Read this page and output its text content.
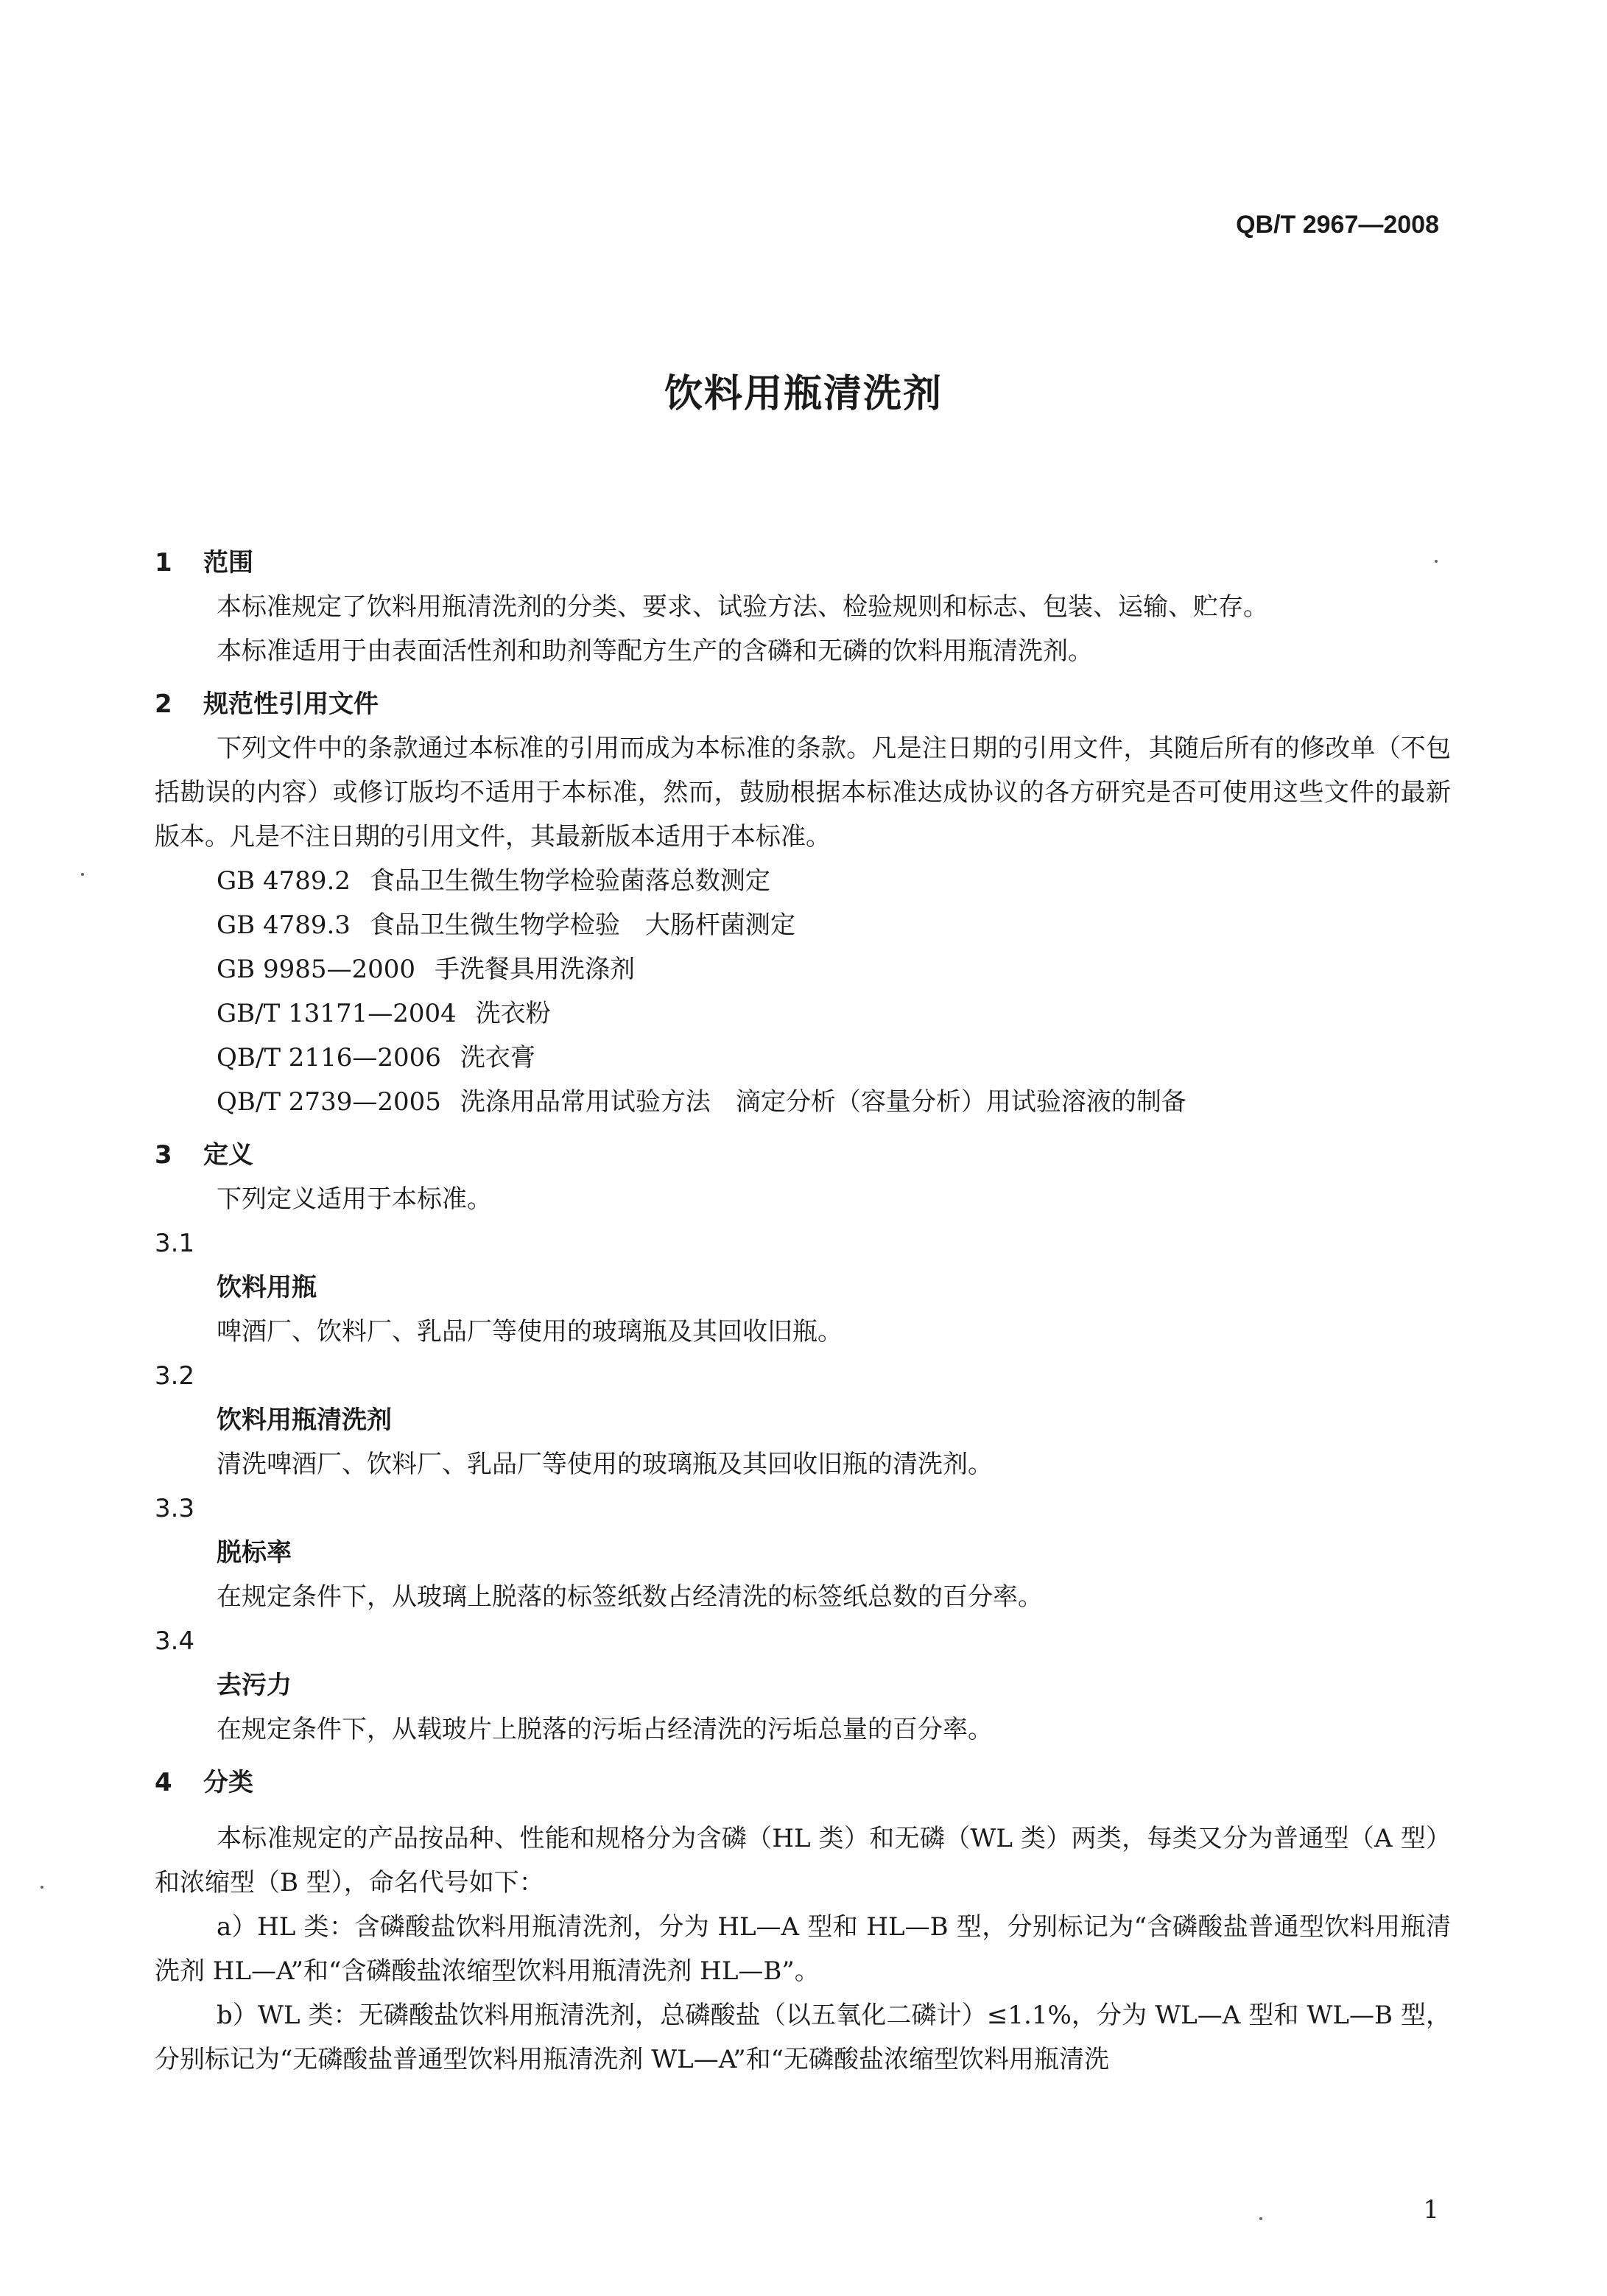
QB/T 2967—2008
饮料用瓶清洗剂
1 范围

本标准规定了饮料用瓶清洗剂的分类、要求、试验方法、检验规则和标志、包装、运输、贮存。

本标准适用于由表面活性剂和助剂等配方生产的含磷和无磷的饮料用瓶清洗剂。

2 规范性引用文件

下列文件中的条款通过本标准的引用而成为本标准的条款。凡是注日期的引用文件，其随后所有的修改单（不包括勘误的内容）或修订版均不适用于本标准，然而，鼓励根据本标准达成协议的各方研究是否可使用这些文件的最新版本。凡是不注日期的引用文件，其最新版本适用于本标准。

GB 4789.2 食品卫生微生物学检验菌落总数测定
GB 4789.3 食品卫生微生物学检验 大肠杆菌测定
GB 9985—2000 手洗餐具用洗涤剂
GB/T 13171—2004 洗衣粉
QB/T 2116—2006 洗衣膏
QB/T 2739—2005 洗涤用品常用试验方法 滴定分析（容量分析）用试验溶液的制备
3 定义

下列定义适用于本标准。

3.1
饮料用瓶
啤酒厂、饮料厂、乳品厂等使用的玻璃瓶及其回收旧瓶。
3.2
饮料用瓶清洗剂
清洗啤酒厂、饮料厂、乳品厂等使用的玻璃瓶及其回收旧瓶的清洗剂。
3.3
脱标率
在规定条件下，从玻璃上脱落的标签纸数占经清洗的标签纸总数的百分率。
3.4
去污力
在规定条件下，从载玻片上脱落的污垢占经清洗的污垢总量的百分率。
4 分类

本标准规定的产品按品种、性能和规格分为含磷（HL 类）和无磷（WL 类）两类，每类又分为普通型（A 型）和浓缩型（B 型），命名代号如下：

a）HL 类：含磷酸盐饮料用瓶清洗剂，分为 HL—A 型和 HL—B 型，分别标记为“含磷酸盐普通型饮料用瓶清洗剂 HL—A”和“含磷酸盐浓缩型饮料用瓶清洗剂 HL—B”。

b）WL 类：无磷酸盐饮料用瓶清洗剂，总磷酸盐（以五氧化二磷计）≤1.1%，分为 WL—A 型和 WL—B 型，分别标记为“无磷酸盐普通型饮料用瓶清洗剂 WL—A”和“无磷酸盐浓缩型饮料用瓶清洗

1
